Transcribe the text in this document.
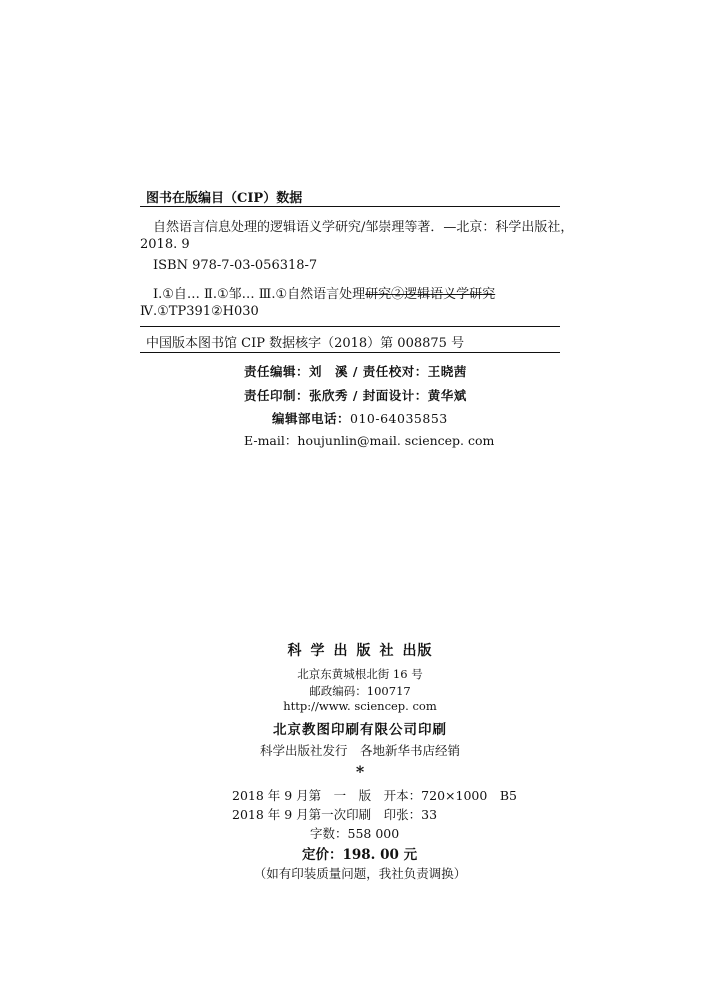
图书在版编目（CIP）数据
自然语言信息处理的逻辑语义学研究/邹崇理等著．—北京：科学出版社，
2018. 9
ISBN 978-7-03-056318-7
Ⅰ.①自… Ⅱ.①邹… Ⅲ.①自然语言处理研究②逻辑语义学研究
Ⅳ.①TP391②H030
中国版本图书馆 CIP 数据核字（2018）第 008875 号
责任编辑：刘　溪 / 责任校对：王晓茜
责任印制：张欣秀 / 封面设计：黄华斌
编辑部电话：010-64035853
E-mail：houjunlin@mail. sciencep. com
科学出版社出版
北京东黄城根北街 16 号
邮政编码：100717
http://www. sciencep. com
北京教图印刷有限公司印刷
科学出版社发行　各地新华书店经销
*
2018 年 9 月第　一　版　开本：720×1000　B5
2018 年 9 月第一次印刷　印张：33
字数：558 000
定价：198. 00 元
（如有印装质量问题，我社负责调换）
